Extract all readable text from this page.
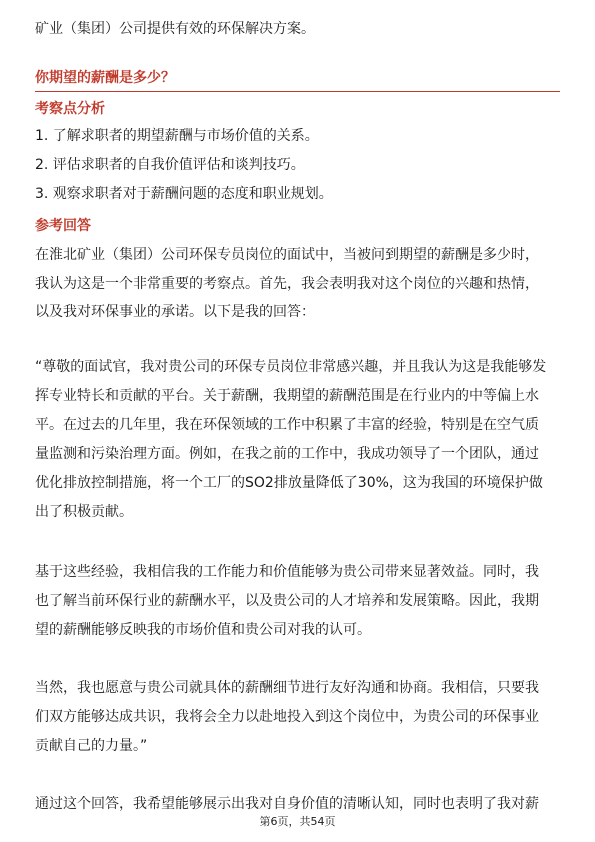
矿业（集团）公司提供有效的环保解决方案。
你期望的薪酬是多少？
考察点分析
1. 了解求职者的期望薪酬与市场价值的关系。
2. 评估求职者的自我价值评估和谈判技巧。
3. 观察求职者对于薪酬问题的态度和职业规划。
参考回答
在淮北矿业（集团）公司环保专员岗位的面试中，当被问到期望的薪酬是多少时，
我认为这是一个非常重要的考察点。首先，我会表明我对这个岗位的兴趣和热情，
以及我对环保事业的承诺。以下是我的回答：
“尊敬的面试官，我对贵公司的环保专员岗位非常感兴趣，并且我认为这是我能够发
挥专业特长和贡献的平台。关于薪酬，我期望的薪酬范围是在行业内的中等偏上水
平。在过去的几年里，我在环保领域的工作中积累了丰富的经验，特别是在空气质
量监测和污染治理方面。例如，在我之前的工作中，我成功领导了一个团队，通过
优化排放控制措施，将一个工厂的SO2排放量降低了30%，这为我国的环境保护做
出了积极贡献。
基于这些经验，我相信我的工作能力和价值能够为贵公司带来显著效益。同时，我
也了解当前环保行业的薪酬水平，以及贵公司的人才培养和发展策略。因此，我期
望的薪酬能够反映我的市场价值和贵公司对我的认可。
当然，我也愿意与贵公司就具体的薪酬细节进行友好沟通和协商。我相信，只要我
们双方能够达成共识，我将会全力以赴地投入到这个岗位中，为贵公司的环保事业
贡献自己的力量。”
通过这个回答，我希望能够展示出我对自身价值的清晰认知，同时也表明了我对薪
第6页，共54页
